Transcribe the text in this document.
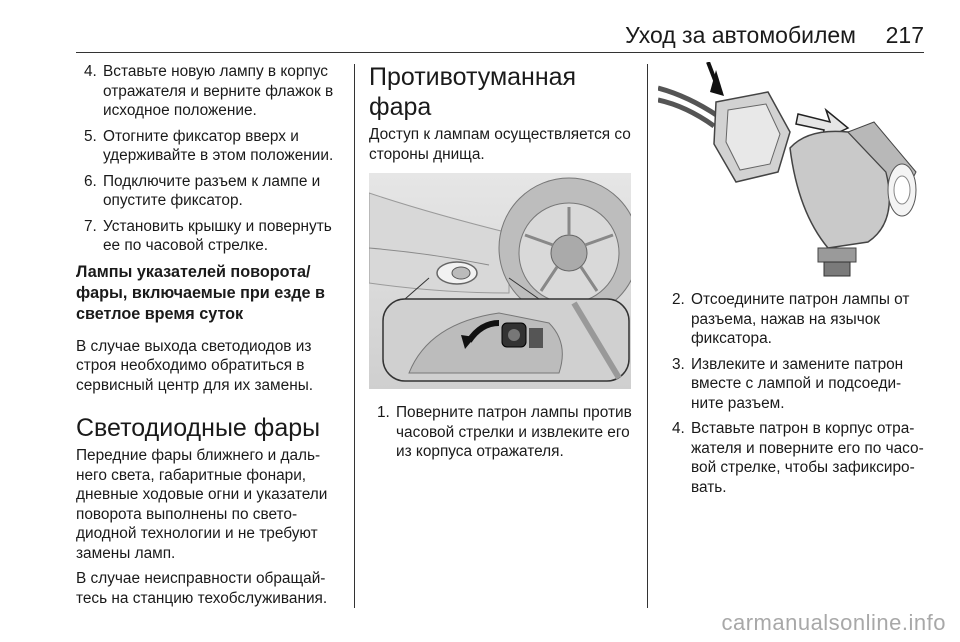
Уход за автомобилем 217
4. Вставьте новую лампу в корпус отражателя и верните флажок в исходное положение.
5. Отогните фиксатор вверх и удерживайте в этом положении.
6. Подключите разъем к лампе и опустите фиксатор.
7. Установить крышку и повернуть ее по часовой стрелке.
Лампы указателей поворота/фары, включаемые при езде в светлое время суток

В случае выхода светодиодов из строя необходимо обратиться в сервисный центр для их замены.

Светодиодные фары

Передние фары ближнего и дальнего света, габаритные фонари, дневные ходовые огни и указатели поворота выполнены по светодиодной технологии и не требуют замены ламп.

В случае неисправности обращайтесь на станцию техобслуживания.

Противотуманная фара

Доступ к лампам осуществляется со стороны днища.

1. Поверните патрон лампы против часовой стрелки и извлеките его из корпуса отражателя.
2. Отсоедините патрон лампы от разъема, нажав на язычок фиксатора.
3. Извлеките и замените патрон вместе с лампой и подсоедините разъем.
4. Вставьте патрон в корпус отражателя и поверните его по часовой стрелке, чтобы зафиксировать.
carmanualsonline.info
